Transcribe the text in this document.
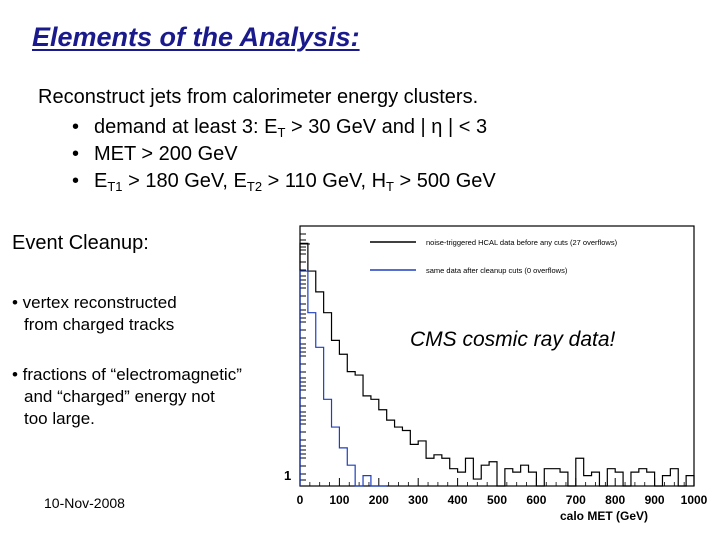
Elements of the Analysis:
Reconstruct jets from calorimeter energy clusters.
• demand at least 3: $E_T > 30$ GeV and | η | < 3
• MET > 200 GeV
• $E_{T1} > 180$ GeV, $E_{T2} > 110$ GeV, $H_T > 500$ GeV
1
0 100 200 300 400 500 600 700 800 900 1000
calo MET (GeV)
noise-triggered HCAL data before any cuts (27 overflows)
same data after cleanup cuts (0 overflows)
Event Cleanup:
• vertex reconstructed
from charged tracks
• fractions of “electromagnetic”
and “charged” energy not
too large.
CMS cosmic ray data!
10-Nov-2008
